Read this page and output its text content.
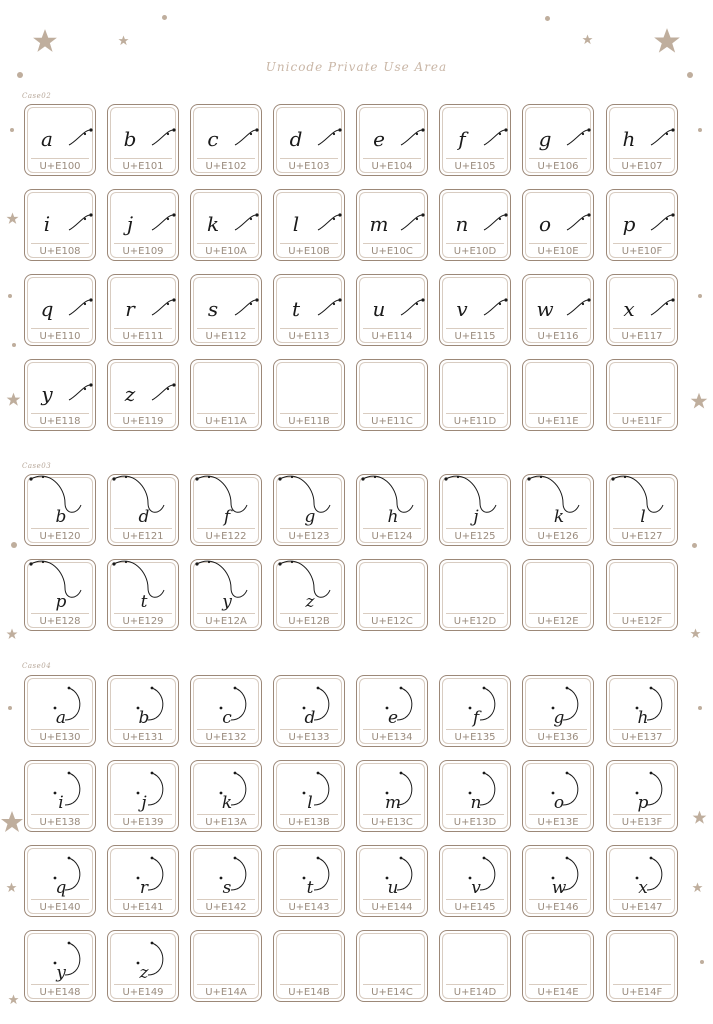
Unicode Private Use Area
Case02
a
U+E100
b
U+E101
c
U+E102
d
U+E103
e
U+E104
f
U+E105
g
U+E106
h
U+E107
i
U+E108
j
U+E109
k
U+E10A
l
U+E10B
m
U+E10C
n
U+E10D
o
U+E10E
p
U+E10F
q
U+E110
r
U+E111
s
U+E112
t
U+E113
u
U+E114
v
U+E115
w
U+E116
x
U+E117
y
U+E118
z
U+E119	U+E11A	U+E11B	U+E11C	U+E11D	U+E11E	U+E11F
Case03
b
U+E120
d
U+E121
f
U+E122
g
U+E123
h
U+E124
j
U+E125
k
U+E126
l
U+E127
p
U+E128
t
U+E129
y
U+E12A
z
U+E12B	U+E12C	U+E12D	U+E12E	U+E12F
Case04
a
U+E130
b
U+E131
c
U+E132
d
U+E133
e
U+E134
f
U+E135
g
U+E136
h
U+E137
i
U+E138
j
U+E139
k
U+E13A
l
U+E13B
m
U+E13C
n
U+E13D
o
U+E13E
p
U+E13F
q
U+E140
r
U+E141
s
U+E142
t
U+E143
u
U+E144
v
U+E145
w
U+E146
x
U+E147
y
U+E148
z
U+E149	U+E14A	U+E14B	U+E14C	U+E14D	U+E14E	U+E14F
